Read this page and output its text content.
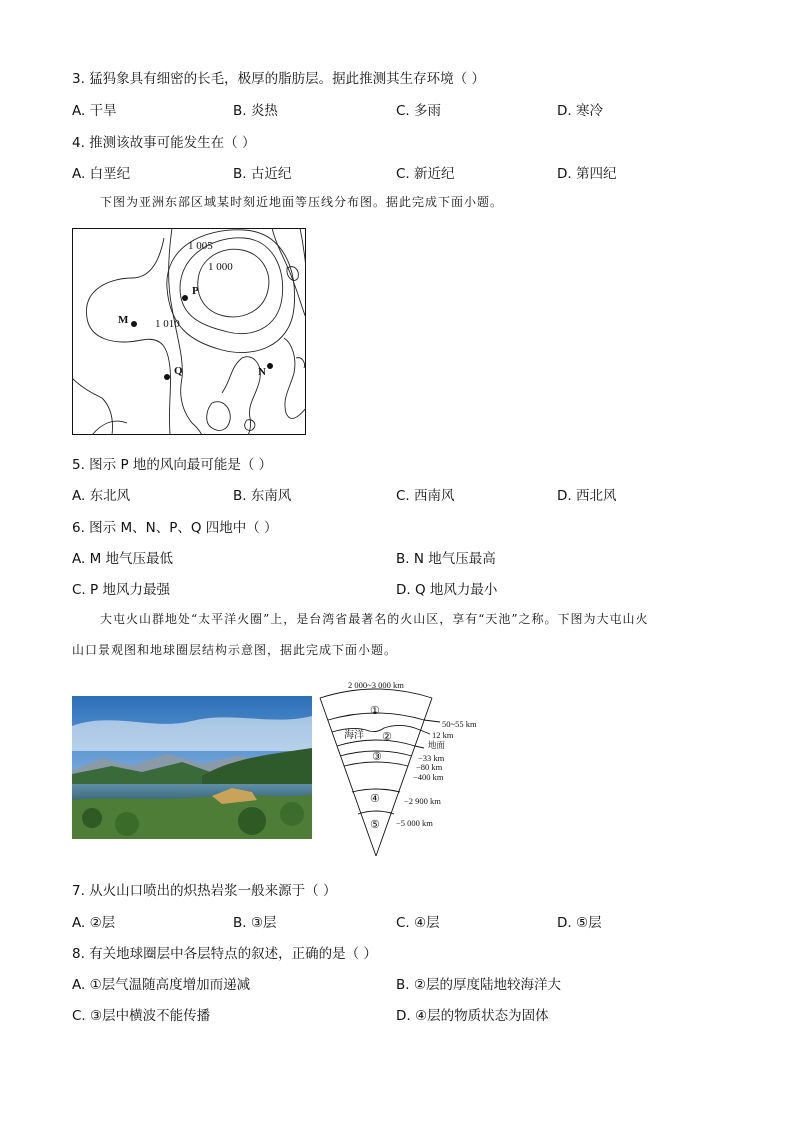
3. 猛犸象具有细密的长毛，极厚的脂肪层。据此推测其生存环境（ ）
A. 干旱	B. 炎热	C. 多雨	D. 寒冷
4. 推测该故事可能发生在（ ）
A. 白垩纪	B. 古近纪	C. 新近纪	D. 第四纪
下图为亚洲东部区域某时刻近地面等压线分布图。据此完成下面小题。
1 005
1 000
1 010
P
M
Q	N
5. 图示 P 地的风向最可能是（ ）
A. 东北风	B. 东南风	C. 西南风	D. 西北风
6. 图示 M、N、P、Q 四地中（ ）
A. M 地气压最低	B. N 地气压最高
C. P 地风力最强	D. Q 地风力最小
大屯火山群地处“太平洋火圈”上，是台湾省最著名的火山区，享有“天池”之称。下图为大屯山火
山口景观图和地球圈层结构示意图，据此完成下面小题。
2 000~3 000 km
50~55 km
12 km
地面
−33 km
−80 km
−400 km
−2 900 km
−5 000 km
①
②
③
④
⑤
海洋
7. 从火山口喷出的炽热岩浆一般来源于（ ）
A. ②层	B. ③层	C. ④层	D. ⑤层
8. 有关地球圈层中各层特点的叙述，正确的是（ ）
A. ①层气温随高度增加而递减	B. ②层的厚度陆地较海洋大
C. ③层中横波不能传播	D. ④层的物质状态为固体
